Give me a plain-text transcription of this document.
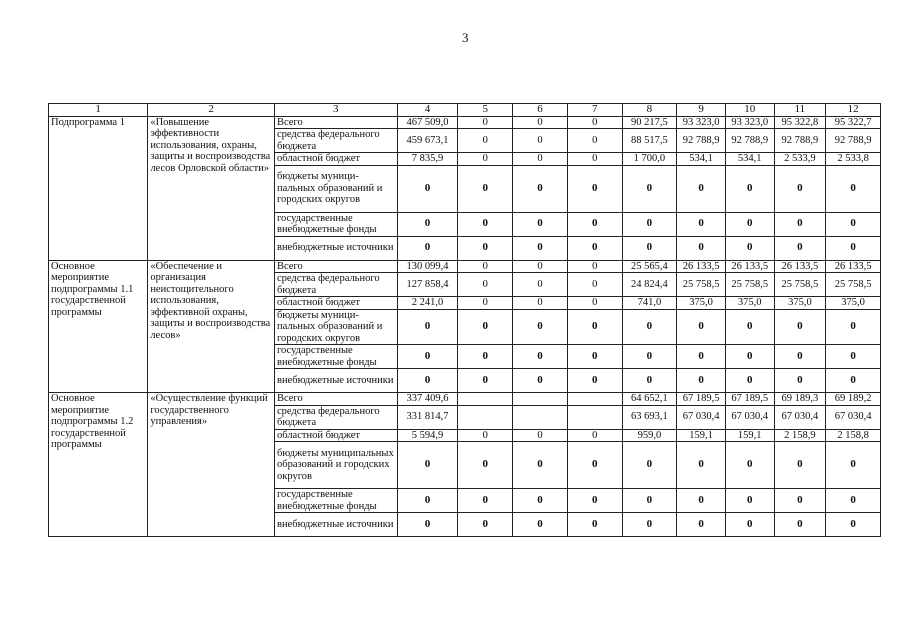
3
1	2	3	4	5	6	7	8	9	10	11	12
Подпрограмма 1	«Повышение эффективности использования, охраны, защиты и воспроизводства лесов Орловской области»	Всего	467 509,0	0	0	0	90 217,5	93 323,0	93 323,0	95 322,8	95 322,7
		средства федерального бюджета	459 673,1	0	0	0	88 517,5	92 788,9	92 788,9	92 788,9	92 788,9
		областной бюджет	7 835,9	0	0	0	1 700,0	534,1	534,1	2 533,9	2 533,8
		бюджеты муници-пальных образований и городских округов	0	0	0	0	0	0	0	0	0
		государственные внебюджетные фонды	0	0	0	0	0	0	0	0	0
		внебюджетные источники	0	0	0	0	0	0	0	0	0
Основное мероприятие подпрограммы 1.1 государственной программы	«Обеспечение и организация неистощительного использования, эффективной охраны, защиты и воспроизводства лесов»	Всего	130 099,4	0	0	0	25 565,4	26 133,5	26 133,5	26 133,5	26 133,5
		средства федерального бюджета	127 858,4	0	0	0	24 824,4	25 758,5	25 758,5	25 758,5	25 758,5
		областной бюджет	2 241,0	0	0	0	741,0	375,0	375,0	375,0	375,0
		бюджеты муници-пальных образований и городских округов	0	0	0	0	0	0	0	0	0
		государственные внебюджетные фонды	0	0	0	0	0	0	0	0	0
		внебюджетные источники	0	0	0	0	0	0	0	0	0
Основное мероприятие подпрограммы 1.2 государственной программы	«Осуществление функций государственного управления»	Всего	337 409,6				64 652,1	67 189,5	67 189,5	69 189,3	69 189,2
		средства федерального бюджета	331 814,7				63 693,1	67 030,4	67 030,4	67 030,4	67 030,4
		областной бюджет	5 594,9	0	0	0	959,0	159,1	159,1	2 158,9	2 158,8
		бюджеты муниципальных образований и городских округов	0	0	0	0	0	0	0	0	0
		государственные внебюджетные фонды	0	0	0	0	0	0	0	0	0
		внебюджетные источники	0	0	0	0	0	0	0	0	0
